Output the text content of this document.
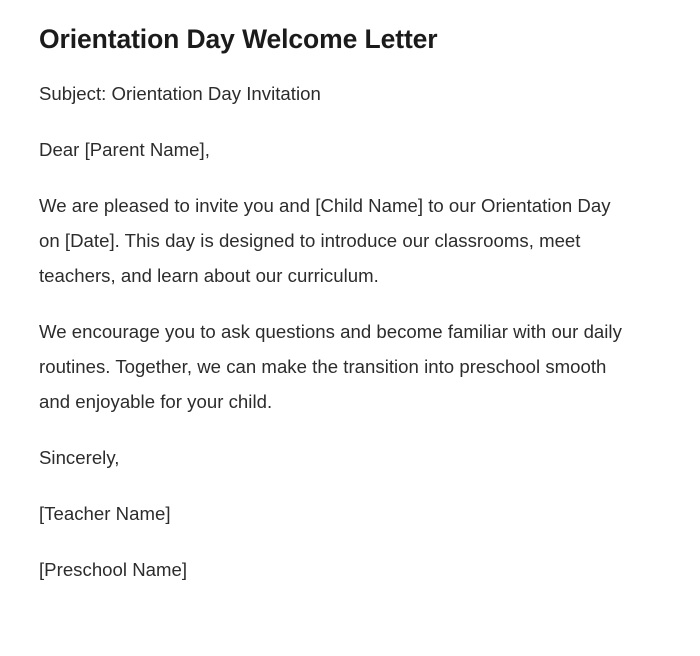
Orientation Day Welcome Letter

Subject: Orientation Day Invitation

Dear [Parent Name],

We are pleased to invite you and [Child Name] to our Orientation Day on [Date]. This day is designed to introduce our classrooms, meet teachers, and learn about our curriculum.

We encourage you to ask questions and become familiar with our daily routines. Together, we can make the transition into preschool smooth and enjoyable for your child.

Sincerely,

[Teacher Name]

[Preschool Name]
